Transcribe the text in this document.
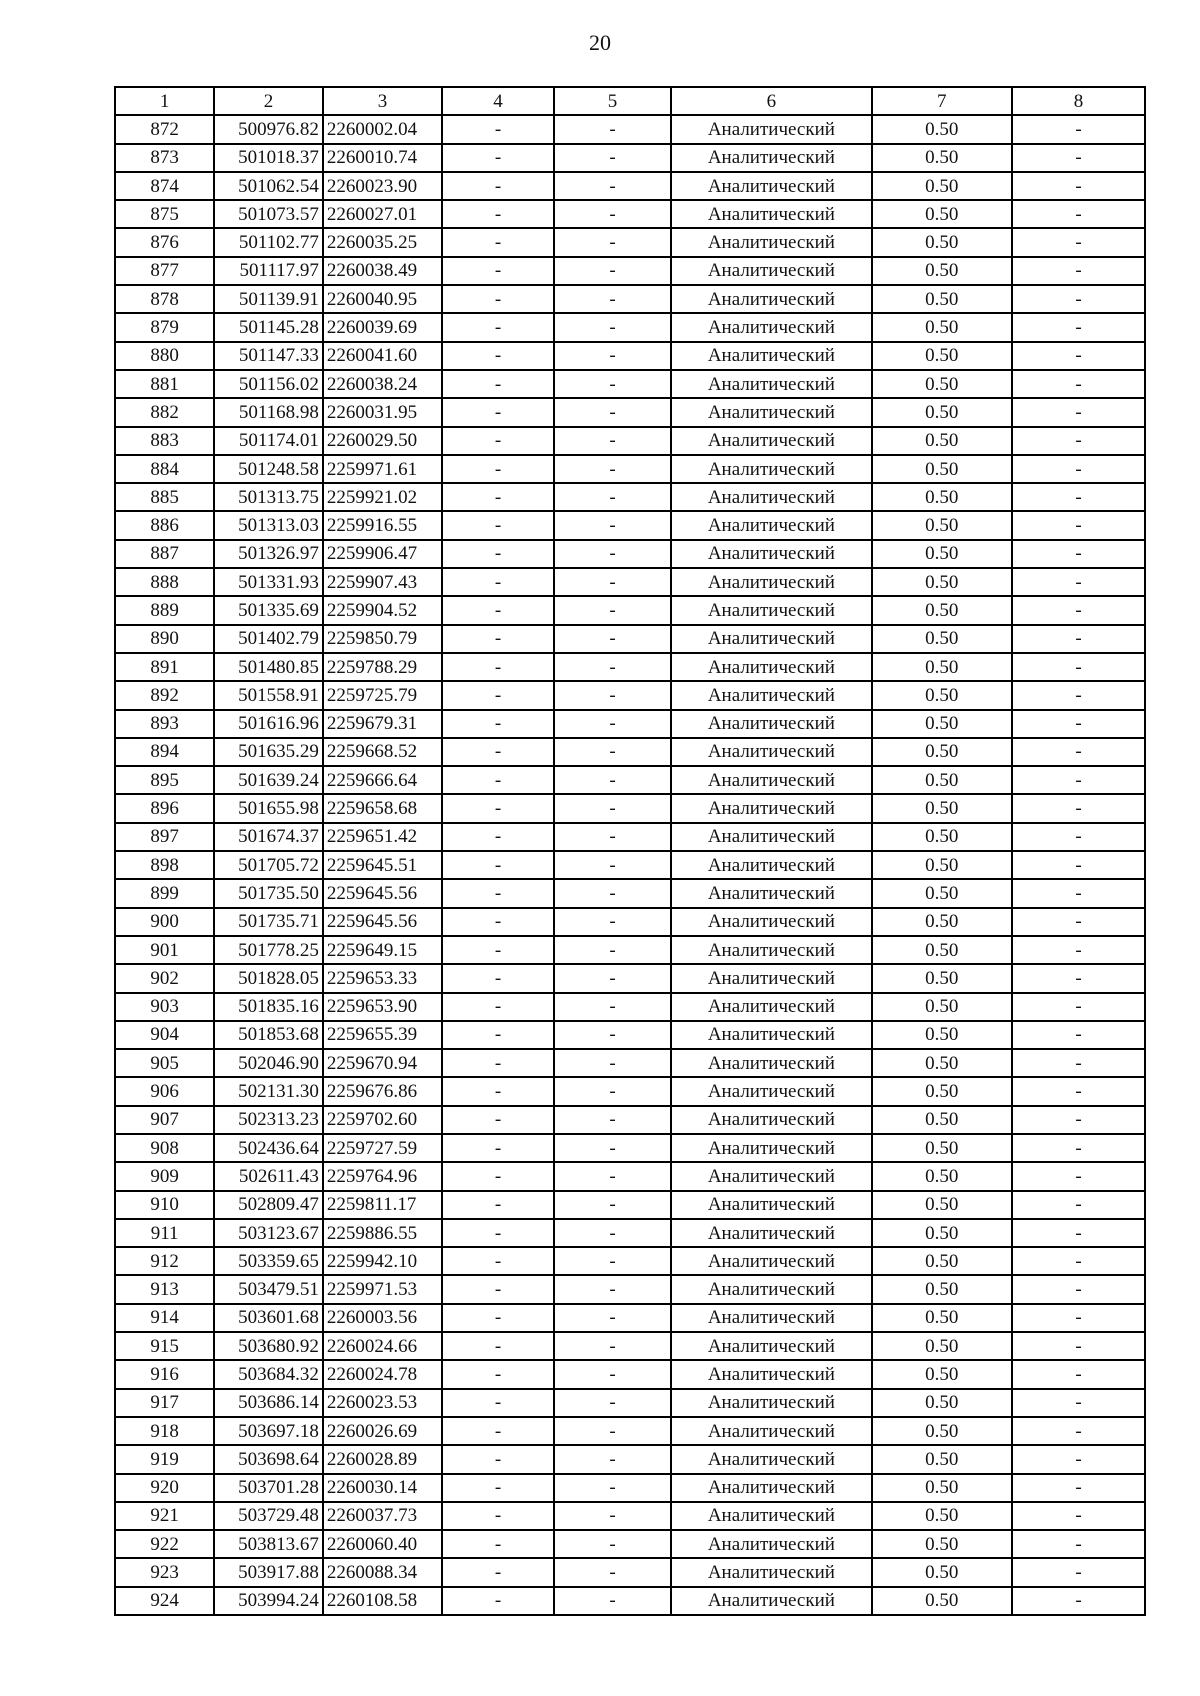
20
1	2	3	4	5	6	7	8
872	500976.82	2260002.04	-	-	Аналитический	0.50	-
873	501018.37	2260010.74	-	-	Аналитический	0.50	-
874	501062.54	2260023.90	-	-	Аналитический	0.50	-
875	501073.57	2260027.01	-	-	Аналитический	0.50	-
876	501102.77	2260035.25	-	-	Аналитический	0.50	-
877	501117.97	2260038.49	-	-	Аналитический	0.50	-
878	501139.91	2260040.95	-	-	Аналитический	0.50	-
879	501145.28	2260039.69	-	-	Аналитический	0.50	-
880	501147.33	2260041.60	-	-	Аналитический	0.50	-
881	501156.02	2260038.24	-	-	Аналитический	0.50	-
882	501168.98	2260031.95	-	-	Аналитический	0.50	-
883	501174.01	2260029.50	-	-	Аналитический	0.50	-
884	501248.58	2259971.61	-	-	Аналитический	0.50	-
885	501313.75	2259921.02	-	-	Аналитический	0.50	-
886	501313.03	2259916.55	-	-	Аналитический	0.50	-
887	501326.97	2259906.47	-	-	Аналитический	0.50	-
888	501331.93	2259907.43	-	-	Аналитический	0.50	-
889	501335.69	2259904.52	-	-	Аналитический	0.50	-
890	501402.79	2259850.79	-	-	Аналитический	0.50	-
891	501480.85	2259788.29	-	-	Аналитический	0.50	-
892	501558.91	2259725.79	-	-	Аналитический	0.50	-
893	501616.96	2259679.31	-	-	Аналитический	0.50	-
894	501635.29	2259668.52	-	-	Аналитический	0.50	-
895	501639.24	2259666.64	-	-	Аналитический	0.50	-
896	501655.98	2259658.68	-	-	Аналитический	0.50	-
897	501674.37	2259651.42	-	-	Аналитический	0.50	-
898	501705.72	2259645.51	-	-	Аналитический	0.50	-
899	501735.50	2259645.56	-	-	Аналитический	0.50	-
900	501735.71	2259645.56	-	-	Аналитический	0.50	-
901	501778.25	2259649.15	-	-	Аналитический	0.50	-
902	501828.05	2259653.33	-	-	Аналитический	0.50	-
903	501835.16	2259653.90	-	-	Аналитический	0.50	-
904	501853.68	2259655.39	-	-	Аналитический	0.50	-
905	502046.90	2259670.94	-	-	Аналитический	0.50	-
906	502131.30	2259676.86	-	-	Аналитический	0.50	-
907	502313.23	2259702.60	-	-	Аналитический	0.50	-
908	502436.64	2259727.59	-	-	Аналитический	0.50	-
909	502611.43	2259764.96	-	-	Аналитический	0.50	-
910	502809.47	2259811.17	-	-	Аналитический	0.50	-
911	503123.67	2259886.55	-	-	Аналитический	0.50	-
912	503359.65	2259942.10	-	-	Аналитический	0.50	-
913	503479.51	2259971.53	-	-	Аналитический	0.50	-
914	503601.68	2260003.56	-	-	Аналитический	0.50	-
915	503680.92	2260024.66	-	-	Аналитический	0.50	-
916	503684.32	2260024.78	-	-	Аналитический	0.50	-
917	503686.14	2260023.53	-	-	Аналитический	0.50	-
918	503697.18	2260026.69	-	-	Аналитический	0.50	-
919	503698.64	2260028.89	-	-	Аналитический	0.50	-
920	503701.28	2260030.14	-	-	Аналитический	0.50	-
921	503729.48	2260037.73	-	-	Аналитический	0.50	-
922	503813.67	2260060.40	-	-	Аналитический	0.50	-
923	503917.88	2260088.34	-	-	Аналитический	0.50	-
924	503994.24	2260108.58	-	-	Аналитический	0.50	-
